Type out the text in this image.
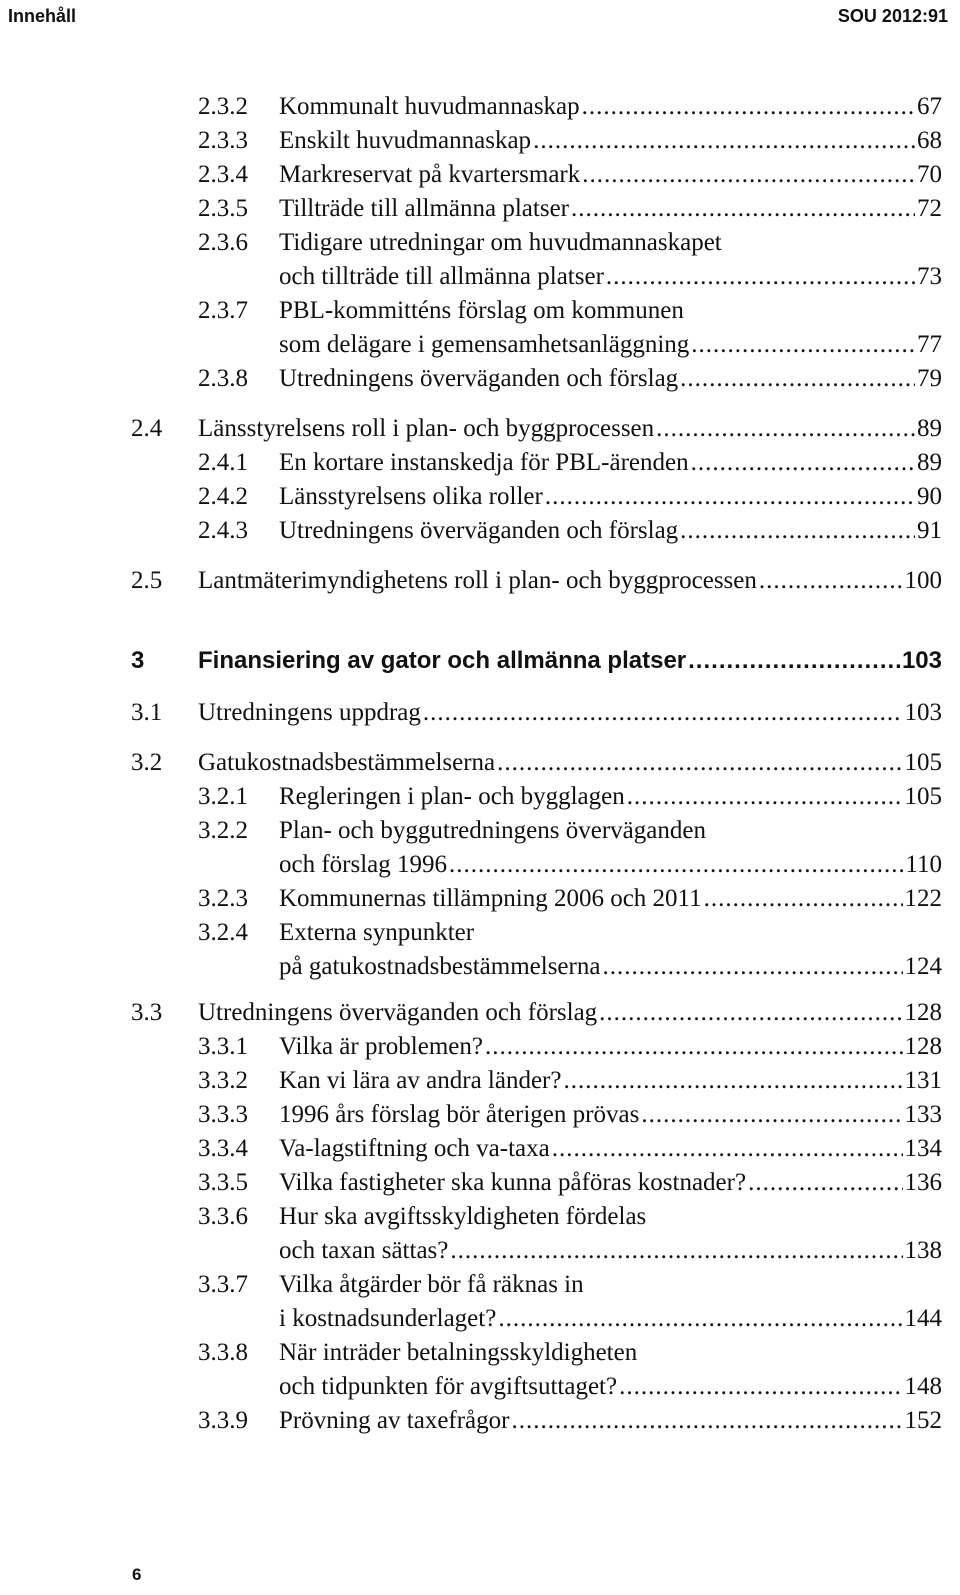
Innehåll	SOU 2012:91
2.3.2 Kommunalt huvudmannaskap .....	67
2.3.3 Enskilt huvudmannaskap .....	68
2.3.4 Markreservat på kvartersmark .....	70
2.3.5 Tillträde till allmänna platser .....	72
2.3.6 Tidigare utredningar om huvudmannaskapet
och tillträde till allmänna platser .....	73
2.3.7 PBL-kommitténs förslag om kommunen
som delägare i gemensamhetsanläggning .....	77
2.3.8 Utredningens överväganden och förslag .....	79
2.4 Länsstyrelsens roll i plan- och byggprocessen .....	89
2.4.1 En kortare instanskedja för PBL-ärenden .....	89
2.4.2 Länsstyrelsens olika roller .....	90
2.4.3 Utredningens överväganden och förslag .....	91
2.5 Lantmäterimyndighetens roll i plan- och byggprocessen .....	100
3 Finansiering av gator och allmänna platser .....	103
3.1 Utredningens uppdrag .....	103
3.2 Gatukostnadsbestämmelserna .....	105
3.2.1 Regleringen i plan- och bygglagen .....	105
3.2.2 Plan- och byggutredningens överväganden
och förslag 1996 .....	110
3.2.3 Kommunernas tillämpning 2006 och 2011 .....	122
3.2.4 Externa synpunkter
på gatukostnadsbestämmelserna .....	124
3.3 Utredningens överväganden och förslag .....	128
3.3.1 Vilka är problemen? .....	128
3.3.2 Kan vi lära av andra länder? .....	131
3.3.3 1996 års förslag bör återigen prövas .....	133
3.3.4 Va-lagstiftning och va-taxa .....	134
3.3.5 Vilka fastigheter ska kunna påföras kostnader? .....	136
3.3.6 Hur ska avgiftsskyldigheten fördelas
och taxan sättas? .....	138
3.3.7 Vilka åtgärder bör få räknas in
i kostnadsunderlaget? .....	144
3.3.8 När inträder betalningsskyldigheten
och tidpunkten för avgiftsuttaget? .....	148
3.3.9 Prövning av taxefrågor .....	152
6
